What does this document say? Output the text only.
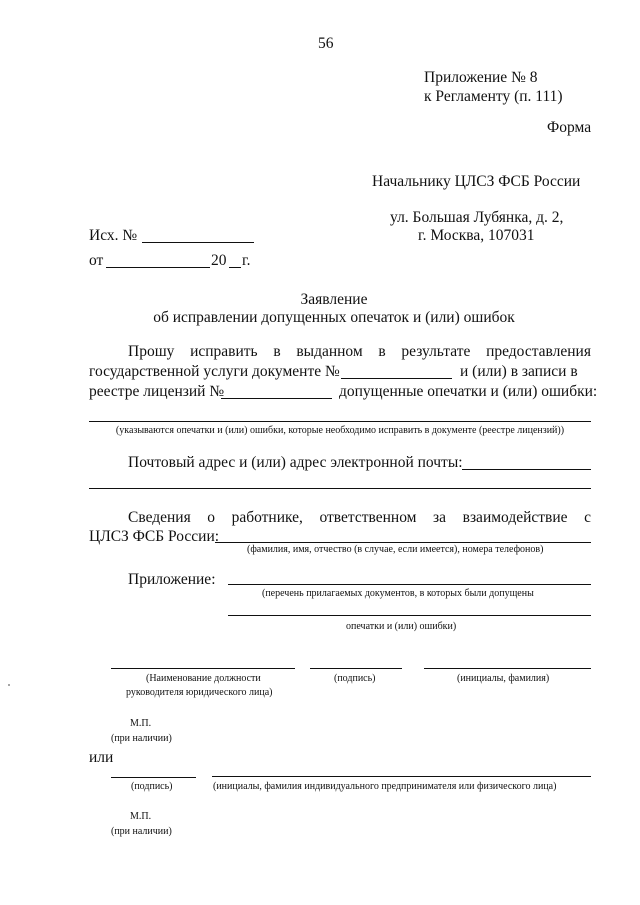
56
Приложение № 8
к Регламенту (п. 111)
Форма
Начальнику ЦЛСЗ ФСБ России
ул. Большая Лубянка, д. 2,
г. Москва, 107031
Исх. №
от	20 г.
Заявление
об исправлении допущенных опечаток и (или) ошибок
Прошу исправить в выданном в результате предоставления
государственной услуги документе №	и (или) в записи в
реестре лицензий №	допущенные опечатки и (или) ошибки:
(указываются опечатки и (или) ошибки, которые необходимо исправить в документе (реестре лицензий))
Почтовый адрес и (или) адрес электронной почты:
Сведения о работнике, ответственном за взаимодействие с
ЦЛСЗ ФСБ России:
(фамилия, имя, отчество (в случае, если имеется), номера телефонов)
Приложение:
(перечень прилагаемых документов, в которых были допущены
опечатки и (или) ошибки)
(Наименование должности
руководителя юридического лица)
(подпись)	(инициалы, фамилия)
М.П.
(при наличии)
или
(подпись)	(инициалы, фамилия индивидуального предпринимателя или физического лица)
М.П.
(при наличии)
